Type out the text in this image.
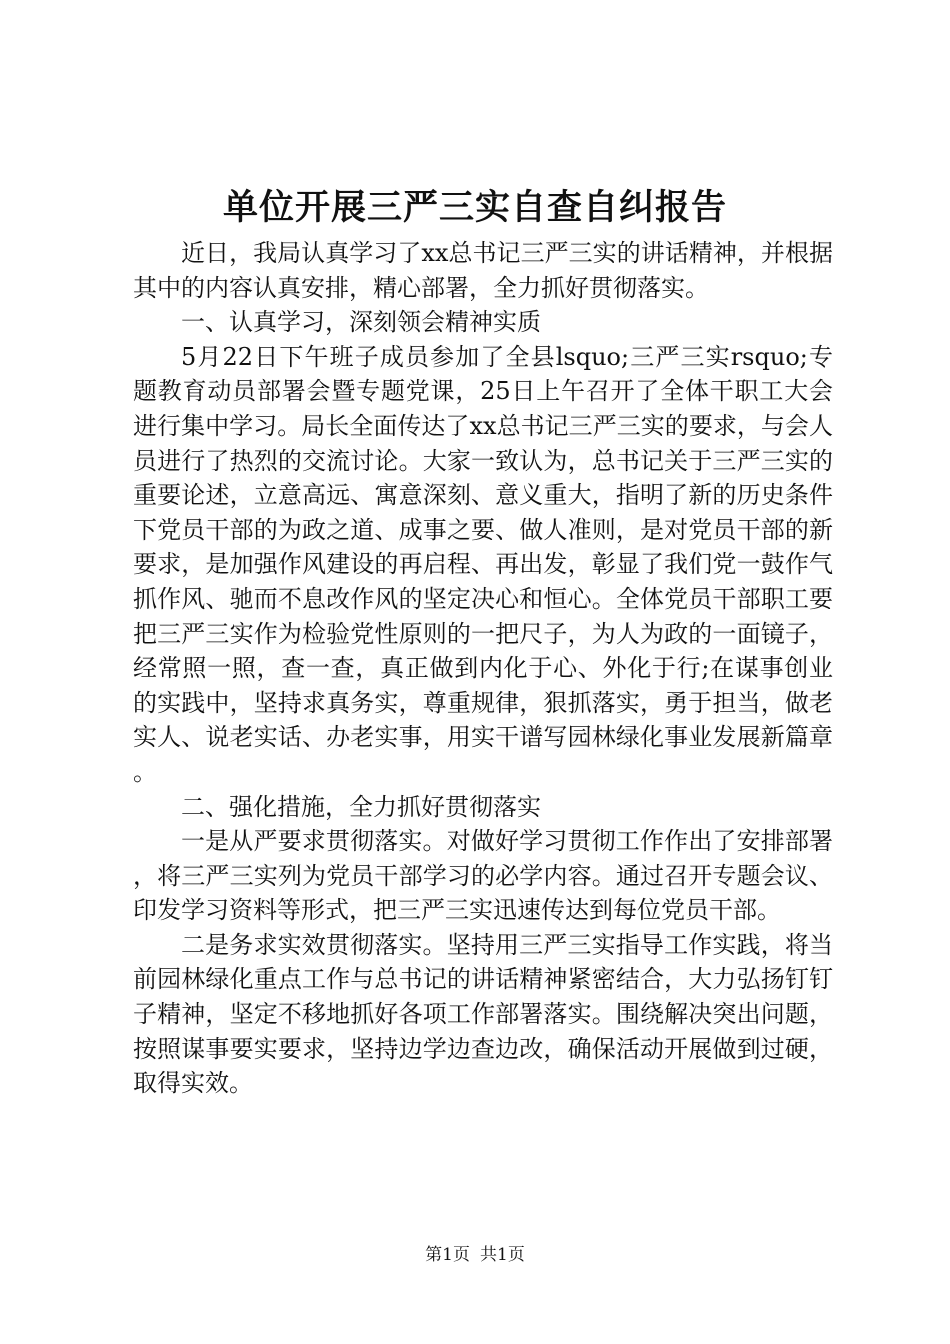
单位开展三严三实自查自纠报告

近日，我局认真学习了xx总书记三严三实的讲话精神，并根据其中的内容认真安排，精心部署，全力抓好贯彻落实。

一、认真学习，深刻领会精神实质

5月22日下午班子成员参加了全县lsquo;三严三实rsquo;专题教育动员部署会暨专题党课，25日上午召开了全体干职工大会进行集中学习。局长全面传达了xx总书记三严三实的要求，与会人员进行了热烈的交流讨论。大家一致认为，总书记关于三严三实的重要论述，立意高远、寓意深刻、意义重大，指明了新的历史条件下党员干部的为政之道、成事之要、做人准则，是对党员干部的新要求，是加强作风建设的再启程、再出发，彰显了我们党一鼓作气抓作风、驰而不息改作风的坚定决心和恒心。全体党员干部职工要把三严三实作为检验党性原则的一把尺子，为人为政的一面镜子，经常照一照，查一查，真正做到内化于心、外化于行;在谋事创业的实践中，坚持求真务实，尊重规律，狠抓落实，勇于担当，做老实人、说老实话、办老实事，用实干谱写园林绿化事业发展新篇章。

二、强化措施，全力抓好贯彻落实

一是从严要求贯彻落实。对做好学习贯彻工作作出了安排部署，将三严三实列为党员干部学习的必学内容。通过召开专题会议、印发学习资料等形式，把三严三实迅速传达到每位党员干部。

二是务求实效贯彻落实。坚持用三严三实指导工作实践，将当前园林绿化重点工作与总书记的讲话精神紧密结合，大力弘扬钉钉子精神，坚定不移地抓好各项工作部署落实。围绕解决突出问题，按照谋事要实要求，坚持边学边查边改，确保活动开展做到过硬，取得实效。

第1页 共1页
